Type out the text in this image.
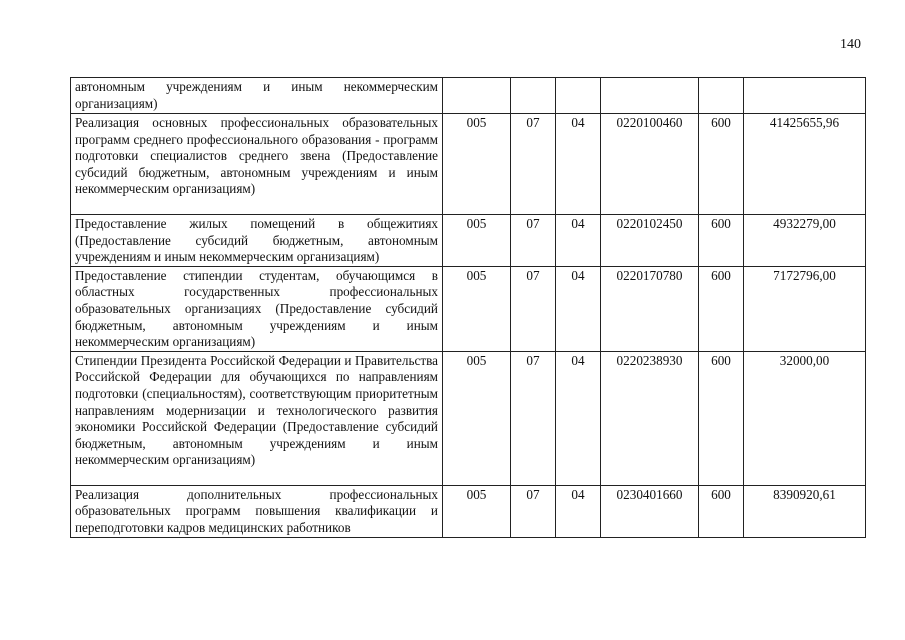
140
автономным учреждениям и иным некоммерческим организациям)						
Реализация основных профессиональных образовательных программ среднего профессионального образования - программ подготовки специалистов среднего звена (Предоставление субсидий бюджетным, автономным учреждениям и иным некоммерческим организациям)	005	07	04	0220100460	600	41425655,96
Предоставление жилых помещений в общежитиях (Предоставление субсидий бюджетным, автономным учреждениям и иным некоммерческим организациям)	005	07	04	0220102450	600	4932279,00
Предоставление стипендии студентам, обучающимся в областных государственных профессиональных образовательных организациях (Предоставление субсидий бюджетным, автономным учреждениям и иным некоммерческим организациям)	005	07	04	0220170780	600	7172796,00
Стипендии Президента Российской Федерации и Правительства Российской Федерации для обучающихся по направлениям подготовки (специальностям), соответствующим приоритетным направлениям модернизации и технологического развития экономики Российской Федерации (Предоставление субсидий бюджетным, автономным учреждениям и иным некоммерческим организациям)	005	07	04	0220238930	600	32000,00
Реализация дополнительных профессиональных образовательных программ повышения квалификации и переподготовки кадров медицинских работников	005	07	04	0230401660	600	8390920,61
